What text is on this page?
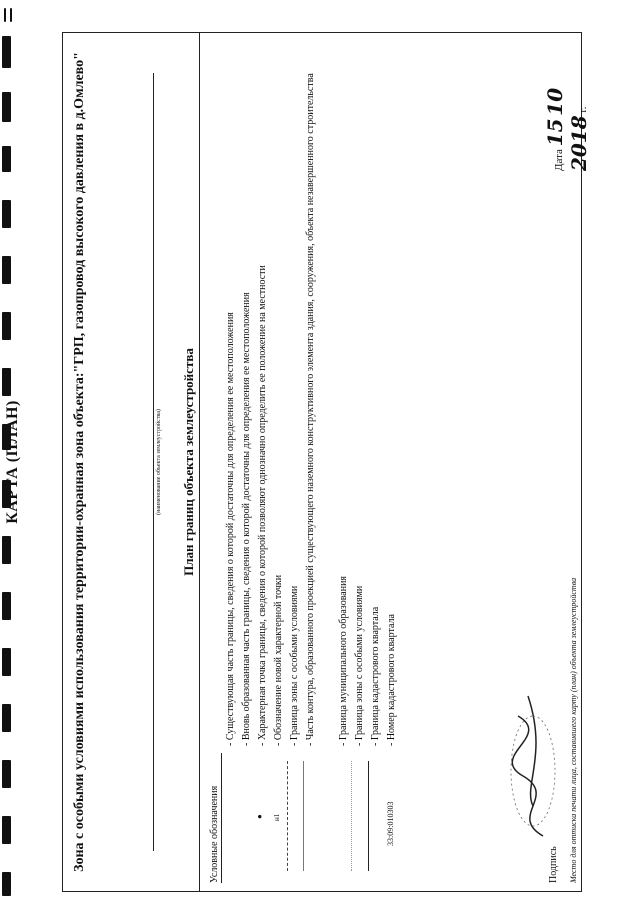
КАРТА (ПЛАН)	Зона с особыми условиями использования территории-охранная зона объекта:"ГРП, газопровод высокого давления в д.Омлево"	(наименование объекта землеустройства) План границ объекта землеустройства
Условные обозначения
- Существующая часть границы, сведения о которой достаточны для определения ее местоположения - Вновь образованная часть границы, сведения о которой достаточны для определения ее местоположения
●
- Характерная точка границы, сведения о которой позволяют однозначно определить ее положение на местности
н1
- Обозначение новой характерной точки - Граница зоны с особыми условиями - Часть контура, образованного проекцией существующего наземного конструктивного элемента здания, сооружения, объекта незавершенного строительства - Граница муниципального образования - Граница зоны с особыми условиями - Граница кадастрового квартала
33:09:010303
- Номер кадастрового квартала
Подпись
Дата 15 10 2018 г.
Место для оттиска печати лица, составившего карту (план) объекта землеустройства
